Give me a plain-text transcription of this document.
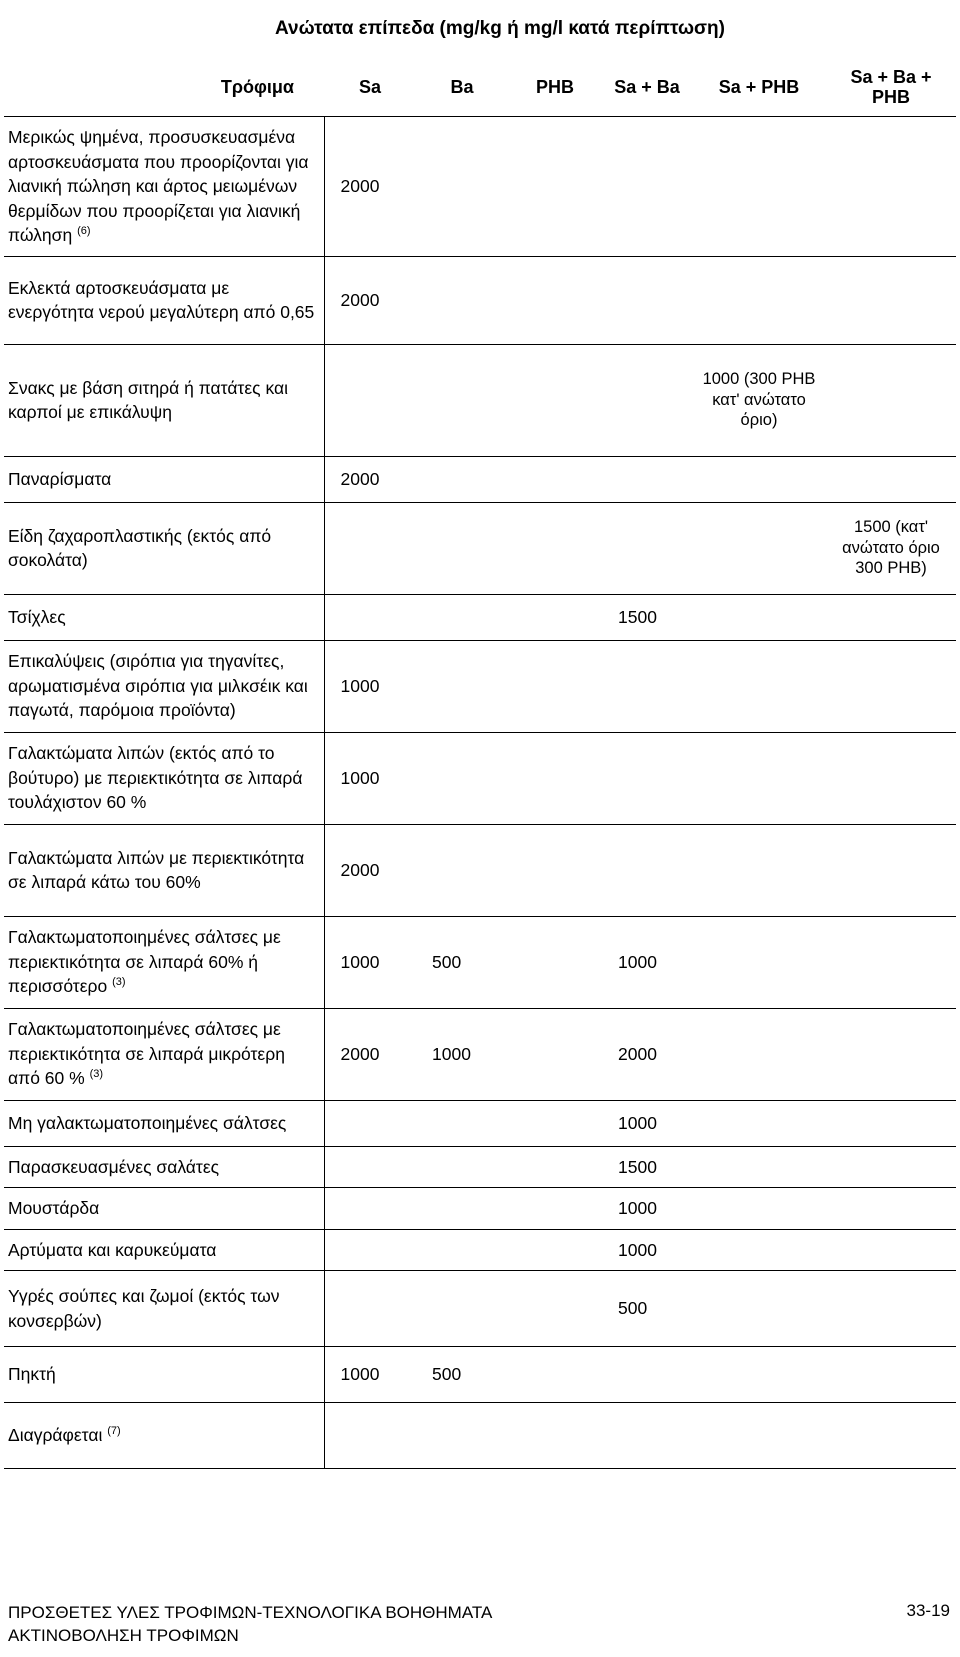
Ανώτατα επίπεδα (mg/kg ή mg/l κατά περίπτωση)
Τρόφιμα	Sa	Ba	PHB	Sa + Ba	Sa + PHB	Sa + Ba + PHB
Μερικώς ψημένα, προσυσκευασμένα αρτοσκευάσματα που προορίζονται για λιανική πώληση και άρτος μειωμένων θερμίδων που προορίζεται για λιανική πώληση $^{(6)}$	2000					
Εκλεκτά αρτοσκευάσματα με ενεργότητα νερού μεγαλύτερη από 0,65	2000					
Σνακς με βάση σιτηρά ή πατάτες και καρποί με επικάλυψη					1000 (300 PHB κατ' ανώτατο όριο)	
Παναρίσματα	2000					
Είδη ζαχαροπλαστικής (εκτός από σοκολάτα)						1500 (κατ' ανώτατο όριο 300 PHB)
Τσίχλες				1500		
Επικαλύψεις (σιρόπια για τηγανίτες, αρωματισμένα σιρόπια για μιλκσέικ και παγωτά, παρόμοια προϊόντα)	1000					
Γαλακτώματα λιπών (εκτός από το βούτυρο) με περιεκτικότητα σε λιπαρά τουλάχιστον 60 %	1000					
Γαλακτώματα λιπών με περιεκτικότητα σε λιπαρά κάτω του 60%	2000					
Γαλακτωματοποιημένες σάλτσες με περιεκτικότητα σε λιπαρά 60% ή περισσότερο $^{(3)}$	1000	500		1000		
Γαλακτωματοποιημένες σάλτσες με περιεκτικότητα σε λιπαρά μικρότερη από 60 % $^{(3)}$	2000	1000		2000		
Μη γαλακτωματοποιημένες σάλτσες				1000		
Παρασκευασμένες σαλάτες				1500		
Μουστάρδα				1000		
Αρτύματα και καρυκεύματα				1000		
Υγρές σούπες και ζωμοί (εκτός των κονσερβών)				500		
Πηκτή	1000	500				
Διαγράφεται $^{(7)}$						
ΠΡΟΣΘΕΤΕΣ ΥΛΕΣ ΤΡΟΦΙΜΩΝ-ΤΕΧΝΟΛΟΓΙΚΑ ΒΟΗΘΗΜΑΤΑ
ΑΚΤΙΝΟΒΟΛΗΣΗ ΤΡΟΦΙΜΩΝ
33-19
